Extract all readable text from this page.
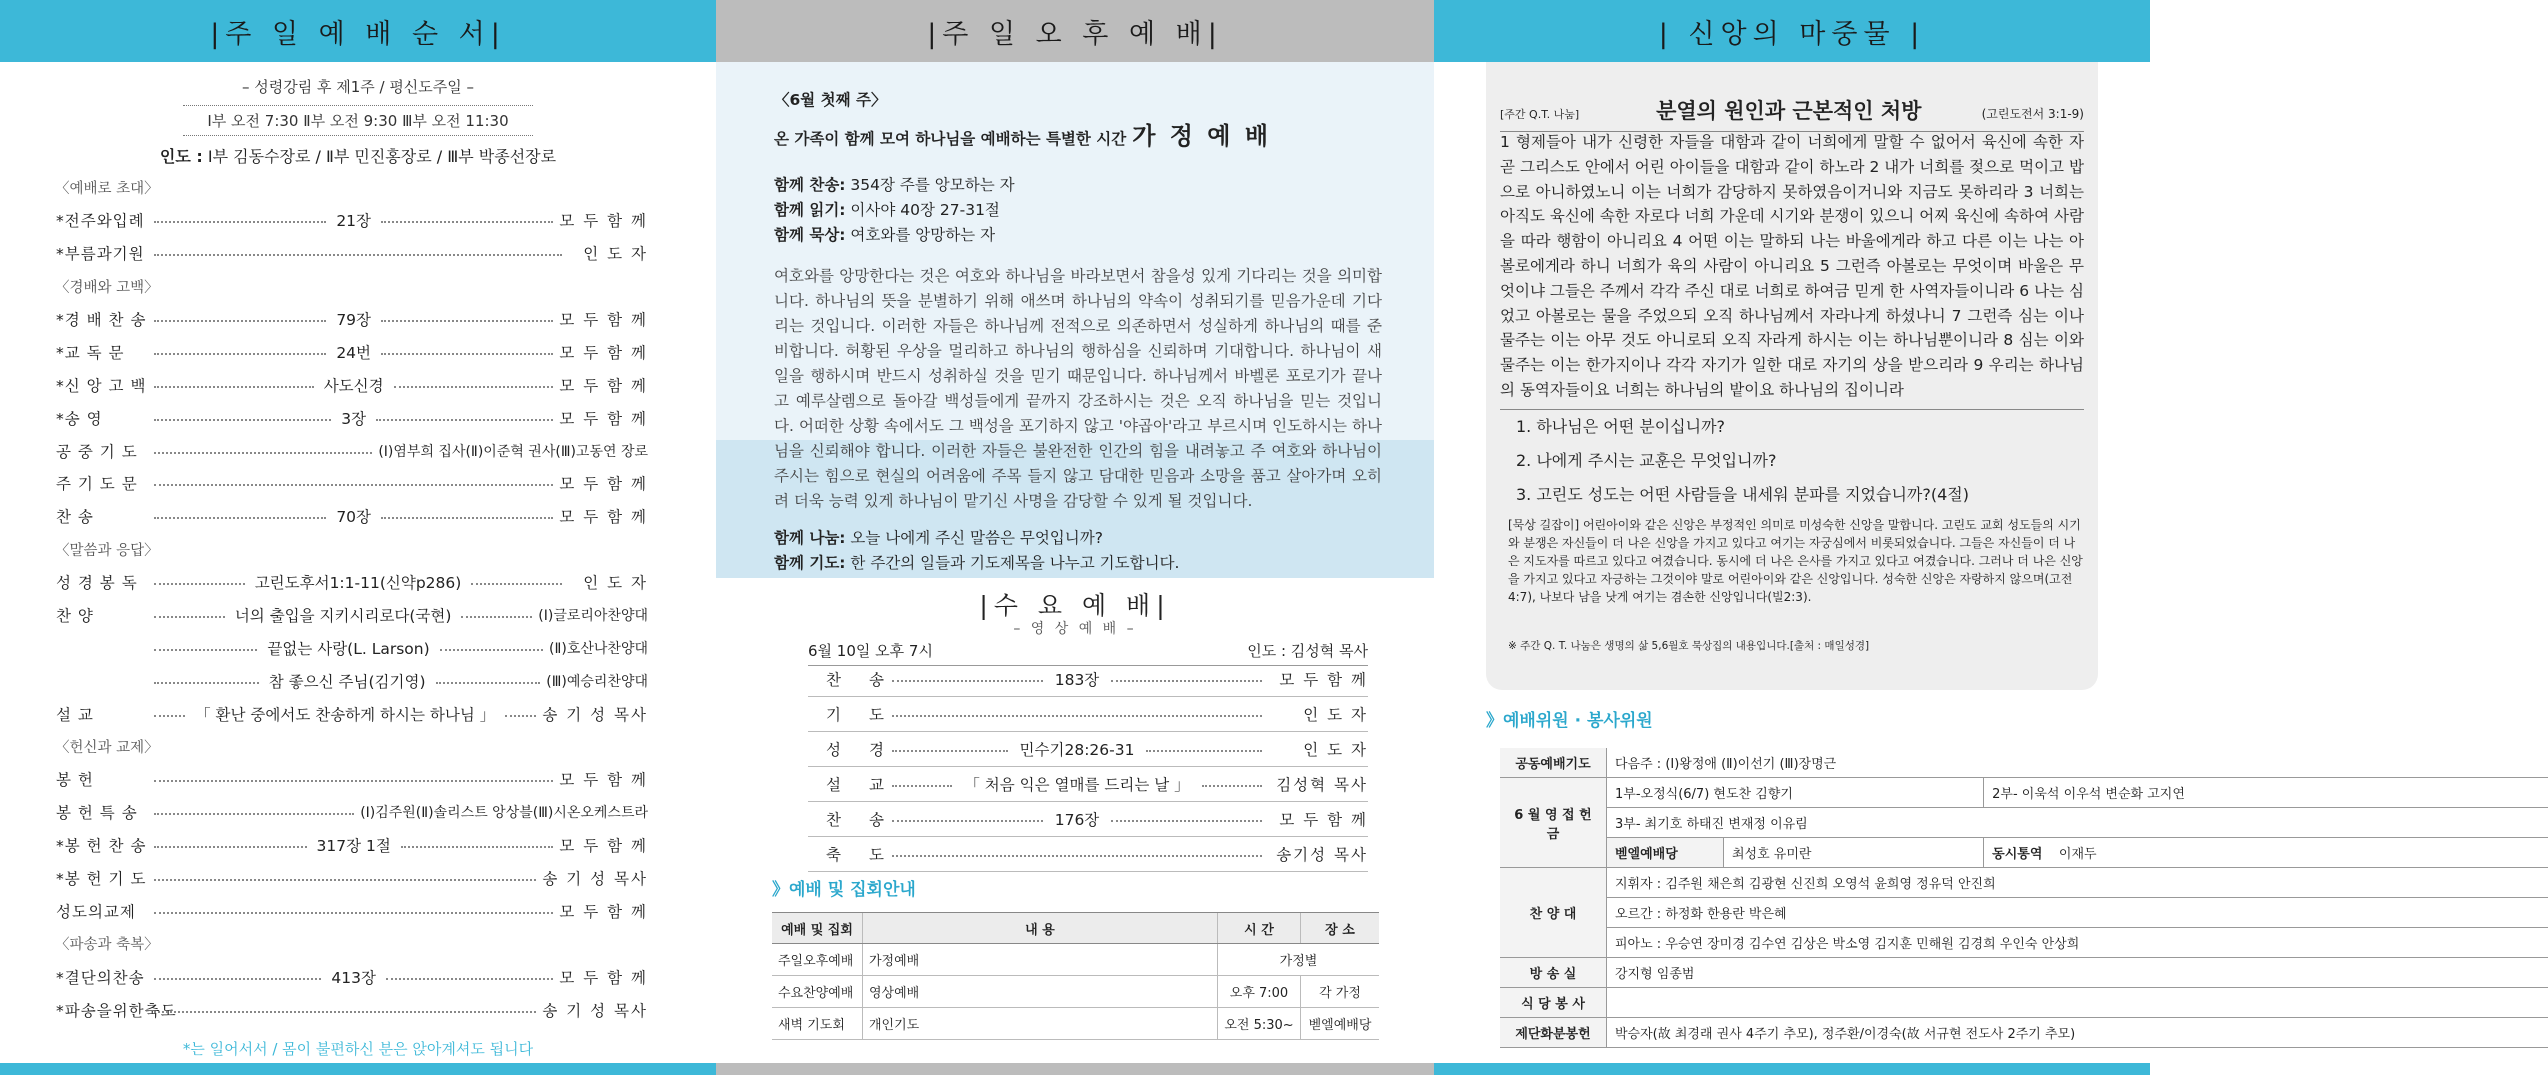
|주 일 예 배 순 서|
– 성령강림 후 제1주 / 평신도주일 –
Ⅰ부 오전 7:30 Ⅱ부 오전 9:30 Ⅲ부 오전 11:30
인도 : Ⅰ부 김동수장로 / Ⅱ부 민진홍장로 / Ⅲ부 박종선장로
〈예배로 초대〉
*전주와입례	21장	모 두 함 께
*부름과기원	인 도 자
〈경배와 고백〉
*경 배 찬 송	79장	모 두 함 께
*교 독 문	24번	모 두 함 께
*신 앙 고 백	사도신경	모 두 함 께
*송 영	3장	모 두 함 께
공 중 기 도	(Ⅰ)염부희 집사(Ⅱ)이준혁 권사(Ⅲ)고동연 장로
주 기 도 문	모 두 함 께
찬 송	70장	모 두 함 께
〈말씀과 응답〉
성 경 봉 독	고린도후서1:1-11(신약p286)	인 도 자
찬 양	너의 출입을 지키시리로다(국현)	(Ⅰ)글로리아찬양대
끝없는 사랑(L. Larson)	(Ⅱ)호산나찬양대
참 좋으신 주님(김기영)	(Ⅲ)예승리찬양대
설 교	「 환난 중에서도 찬송하게 하시는 하나님 」	송 기 성 목사
〈헌신과 교제〉
봉 헌	모 두 함 께
봉 헌 특 송	(Ⅰ)김주원(Ⅱ)솔리스트 앙상블(Ⅲ)시온오케스트라
*봉 헌 찬 송	317장 1절	모 두 함 께
*봉 헌 기 도	송 기 성 목사
성도의교제	모 두 함 께
〈파송과 축복〉
*결단의찬송	413장	모 두 함 께
*파송을위한축도	송 기 성 목사
*는 일어서서 / 몸이 불편하신 분은 앉아계셔도 됩니다
|주 일 오 후 예 배|
〈6월 첫째 주〉
온 가족이 함께 모여 하나님을 예배하는 특별한 시간 가 정 예 배
함께 찬송: 354장 주를 앙모하는 자
함께 읽기: 이사야 40장 27-31절
함께 묵상: 여호와를 앙망하는 자
여호와를 앙망한다는 것은 여호와 하나님을 바라보면서 참을성 있게 기다리는 것을 의미합니다. 하나님의 뜻을 분별하기 위해 애쓰며 하나님의 약속이 성취되기를 믿음가운데 기다리는 것입니다. 이러한 자들은 하나님께 전적으로 의존하면서 성실하게 하나님의 때를 준비합니다. 허황된 우상을 멀리하고 하나님의 행하심을 신뢰하며 기대합니다. 하나님이 새 일을 행하시며 반드시 성취하실 것을 믿기 때문입니다. 하나님께서 바벨론 포로기가 끝나고 예루살렘으로 돌아갈 백성들에게 끝까지 강조하시는 것은 오직 하나님을 믿는 것입니다. 어떠한 상황 속에서도 그 백성을 포기하지 않고 '야곱아'라고 부르시며 인도하시는 하나님을 신뢰해야 합니다. 이러한 자들은 불완전한 인간의 힘을 내려놓고 주 여호와 하나님이 주시는 힘으로 현실의 어려움에 주목 들지 않고 담대한 믿음과 소망을 품고 살아가며 오히려 더욱 능력 있게 하나님이 맡기신 사명을 감당할 수 있게 될 것입니다.
함께 나눔: 오늘 나에게 주신 말씀은 무엇입니까?
함께 기도: 한 주간의 일들과 기도제목을 나누고 기도합니다.
|수 요 예 배|
– 영 상 예 배 –
6월 10일 오후 7시	인도 : 김성혁 목사
찬송	183장	모 두 함 께
기도	인 도 자
성경	민수기28:26-31	인 도 자
설교	「 처음 익은 열매를 드리는 날 」	김성혁 목사
찬송	176장	모 두 함 께
축도	송기성 목사
》예배 및 집회안내
예배 및 집회	내 용	시 간	장 소
주일오후예배	가정예배	가정별	
수요찬양예배	영상예배	오후 7:00	각 가정
새벽 기도회	개인기도	오전 5:30~	벧엘예배당
| 신앙의 마중물 |
[주간 Q.T. 나눔]	분열의 원인과 근본적인 처방	(고린도전서 3:1-9)
1 형제들아 내가 신령한 자들을 대함과 같이 너희에게 말할 수 없어서 육신에 속한 자 곧 그리스도 안에서 어린 아이들을 대함과 같이 하노라 2 내가 너희를 젖으로 먹이고 밥으로 아니하였노니 이는 너희가 감당하지 못하였음이거니와 지금도 못하리라 3 너희는 아직도 육신에 속한 자로다 너희 가운데 시기와 분쟁이 있으니 어찌 육신에 속하여 사람을 따라 행함이 아니리요 4 어떤 이는 말하되 나는 바울에게라 하고 다른 이는 나는 아볼로에게라 하니 너희가 육의 사람이 아니리요 5 그런즉 아볼로는 무엇이며 바울은 무엇이냐 그들은 주께서 각각 주신 대로 너희로 하여금 믿게 한 사역자들이니라 6 나는 심었고 아볼로는 물을 주었으되 오직 하나님께서 자라나게 하셨나니 7 그런즉 심는 이나 물주는 이는 아무 것도 아니로되 오직 자라게 하시는 이는 하나님뿐이니라 8 심는 이와 물주는 이는 한가지이나 각각 자기가 일한 대로 자기의 상을 받으리라 9 우리는 하나님의 동역자들이요 너희는 하나님의 밭이요 하나님의 집이니라
1. 하나님은 어떤 분이십니까?
2. 나에게 주시는 교훈은 무엇입니까?
3. 고린도 성도는 어떤 사람들을 내세워 분파를 지었습니까?(4절)
[묵상 길잡이] 어린아이와 같은 신앙은 부정적인 의미로 미성숙한 신앙을 말합니다. 고린도 교회 성도들의 시기와 분쟁은 자신들이 더 나은 신앙을 가지고 있다고 여기는 자궁심에서 비롯되었습니다. 그들은 자신들이 더 나은 지도자를 따르고 있다고 여겼습니다. 동시에 더 나은 은사를 가지고 있다고 여겼습니다. 그러나 더 나은 신앙을 가지고 있다고 자긍하는 그것이야 말로 어린아이와 같은 신앙입니다. 성숙한 신앙은 자랑하지 않으며(고전4:7), 나보다 남을 낫게 여기는 겸손한 신앙입니다(빌2:3).
※ 주간 Q. T. 나눔은 생명의 삶 5,6월호 묵상집의 내용입니다.[출처 : 매일성경]
》예배위원 · 봉사위원
공동예배기도	다음주 : (Ⅰ)왕정애 (Ⅱ)이선기 (Ⅲ)장명근		
6 월 영 접 헌 금	1부-오정식(6/7) 현도찬 김향기		2부- 이욱석 이우석 변순화 고지연
	3부- 최기호 하태진 변재정 이유림		
	벧엘예배당	최성호 유미란	동시통역 이재두
찬 양 대	지휘자 : 김주원 채은희 김광현 신진희 오영석 윤희영 정유덕 안진희		
	오르간 : 하정화 한용란 박은혜		
	피아노 : 우승연 장미경 김수연 김상은 박소영 김지훈 민해원 김경희 우인숙 안상희		
방 송 실	강지형 임종범		
식 당 봉 사			
제단화분봉헌	박승자(故 최경래 권사 4주기 추모), 정주환/이경숙(故 서규현 전도사 2주기 추모)		
